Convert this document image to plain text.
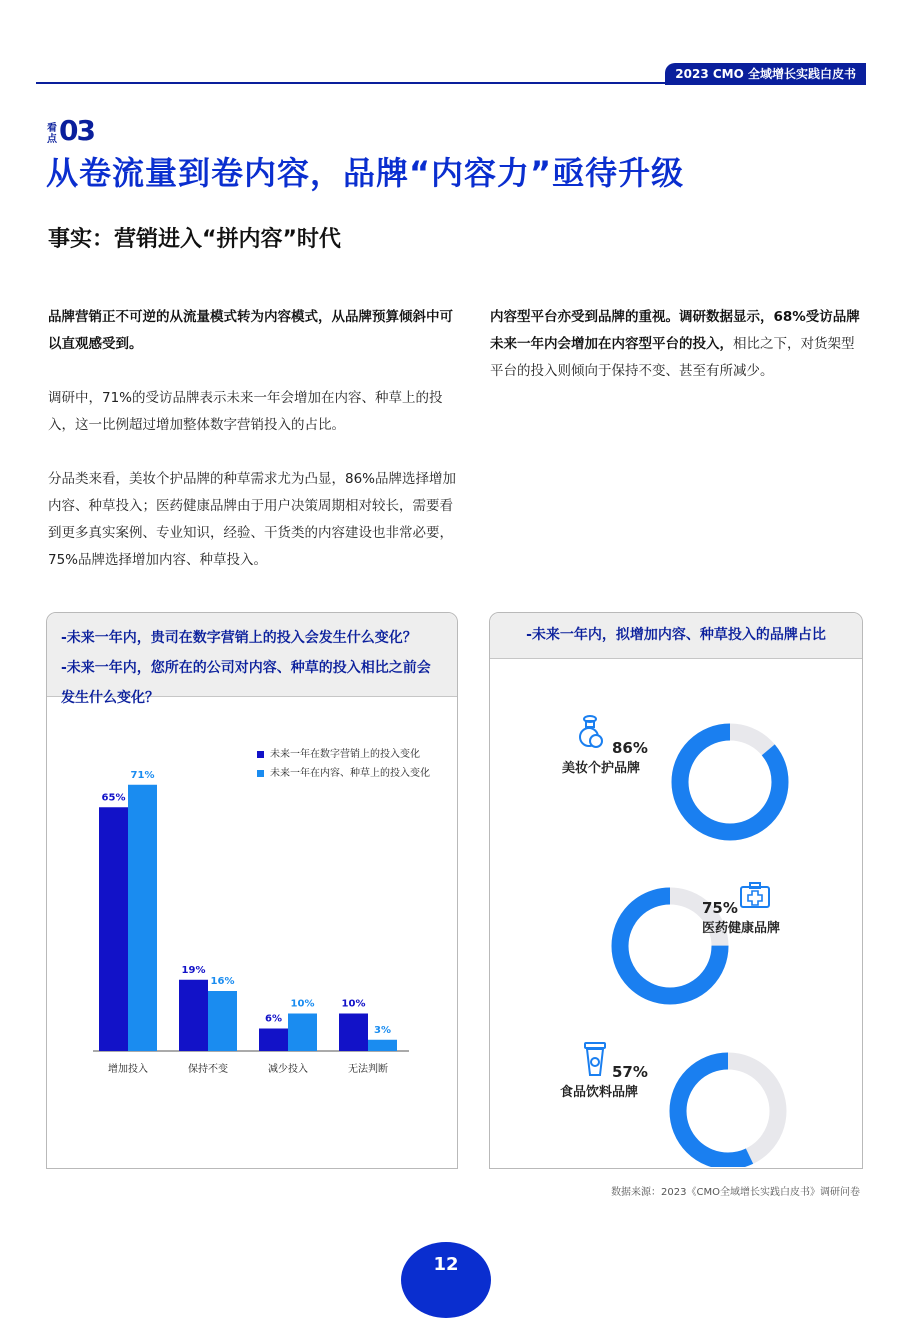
2023 CMO 全域增长实践白皮书
看点 03
从卷流量到卷内容，品牌“内容力”亟待升级
事实：营销进入“拼内容”时代

品牌营销正不可逆的从流量模式转为内容模式，从品牌预算倾斜中可以直观感受到。

调研中，71%的受访品牌表示未来一年会增加在内容、种草上的投入，这一比例超过增加整体数字营销投入的占比。

分品类来看，美妆个护品牌的种草需求尤为凸显，86%品牌选择增加内容、种草投入；医药健康品牌由于用户决策周期相对较长，需要看到更多真实案例、专业知识，经验、干货类的内容建设也非常必要，75%品牌选择增加内容、种草投入。

内容型平台亦受到品牌的重视。调研数据显示，68%受访品牌未来一年内会增加在内容型平台的投入，相比之下，对货架型平台的投入则倾向于保持不变、甚至有所减少。

-未来一年内，贵司在数字营销上的投入会发生什么变化？
-未来一年内，您所在的公司对内容、种草的投入相比之前会发生什么变化？
未来一年在数字营销上的投入变化
未来一年在内容、种草上的投入变化
65%
71%
增加投入
19%
16%
保持不变
6%
10%
减少投入
10%
3%
无法判断
-未来一年内，拟增加内容、种草投入的品牌占比
86%
美妆个护品牌
75%
医药健康品牌
57%
食品饮料品牌
数据来源：2023《CMO全域增长实践白皮书》调研问卷
12
